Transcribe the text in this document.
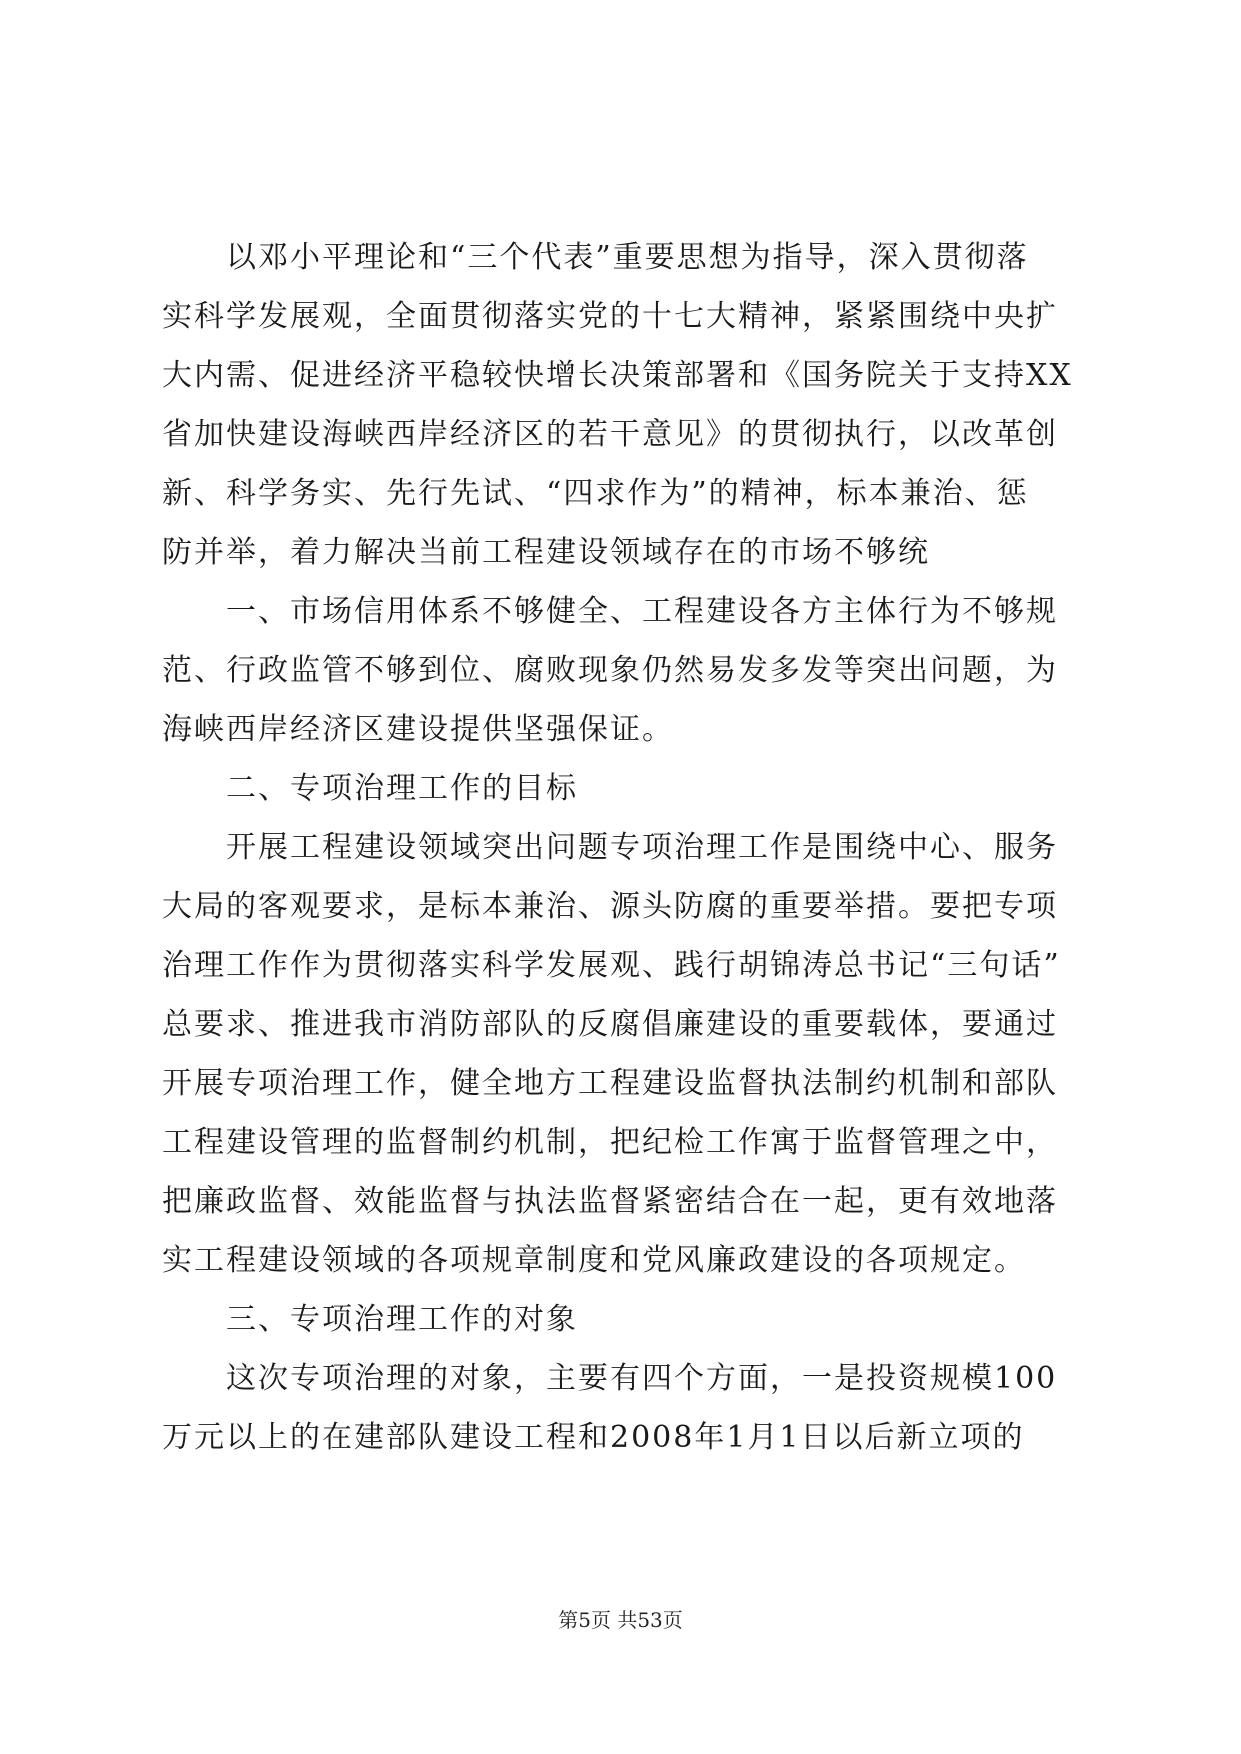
　　以邓小平理论和“三个代表”重要思想为指导，深入贯彻落
实科学发展观，全面贯彻落实党的十七大精神，紧紧围绕中央扩
大内需、促进经济平稳较快增长决策部署和《国务院关于支持XX
省加快建设海峡西岸经济区的若干意见》的贯彻执行，以改革创
新、科学务实、先行先试、“四求作为”的精神，标本兼治、惩
防并举，着力解决当前工程建设领域存在的市场不够统
　　一、市场信用体系不够健全、工程建设各方主体行为不够规
范、行政监管不够到位、腐败现象仍然易发多发等突出问题，为
海峡西岸经济区建设提供坚强保证。
　　二、专项治理工作的目标
　　开展工程建设领域突出问题专项治理工作是围绕中心、服务
大局的客观要求，是标本兼治、源头防腐的重要举措。要把专项
治理工作作为贯彻落实科学发展观、践行胡锦涛总书记“三句话”
总要求、推进我市消防部队的反腐倡廉建设的重要载体，要通过
开展专项治理工作，健全地方工程建设监督执法制约机制和部队
工程建设管理的监督制约机制，把纪检工作寓于监督管理之中，
把廉政监督、效能监督与执法监督紧密结合在一起，更有效地落
实工程建设领域的各项规章制度和党风廉政建设的各项规定。
　　三、专项治理工作的对象
　　这次专项治理的对象，主要有四个方面，一是投资规模100
万元以上的在建部队建设工程和2008年1月1日以后新立项的
第5页 共53页
